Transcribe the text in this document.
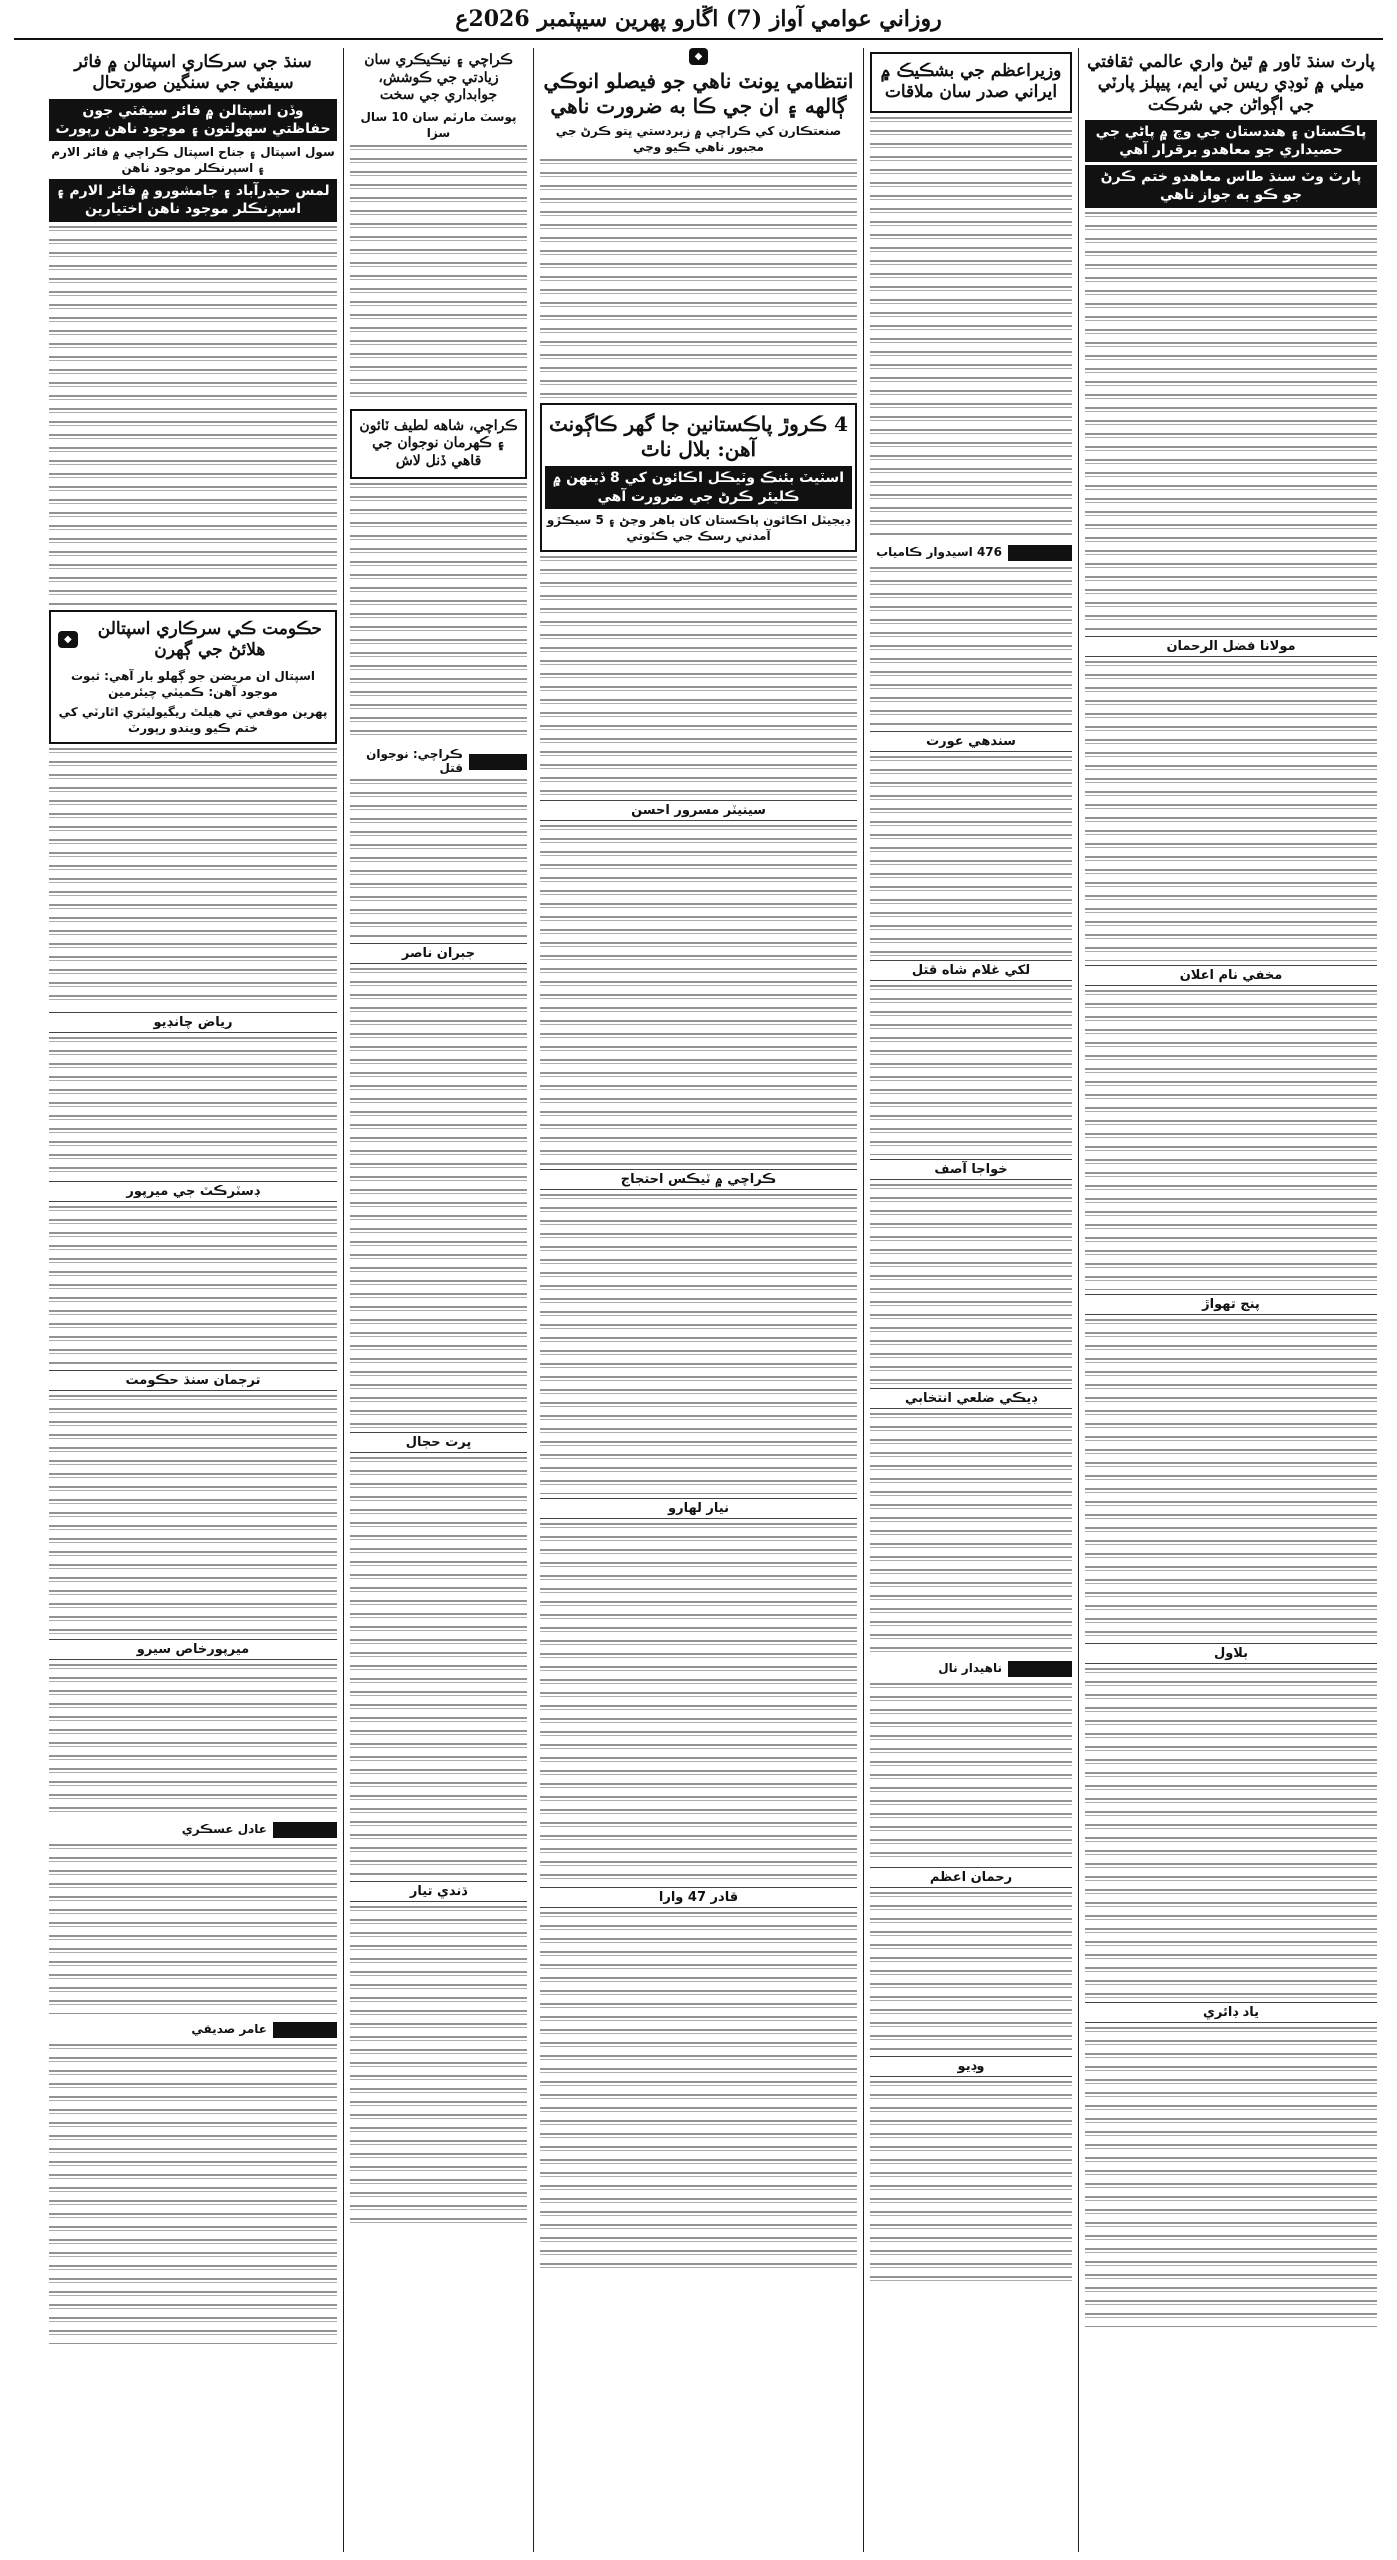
روزاني عوامي آواز (7) اڱارو پهرين سيپٽمبر 2026ع
پارٽ سنڌ ٽاور ۾ ٿيڻ واري عالمي ثقافتي ميلي ۾ ٽوڊي ريس ٽي ايم، پيپلز پارٽي جي اڳواڻن جي شرڪت
پاڪستان ۽ هندستان جي وچ ۾ پاڻي جي حصيداري جو معاهدو برقرار آهي
پارٽ وٽ سنڌ طاس معاهدو ختم ڪرڻ جو ڪو به جواز ناهي
مولانا فضل الرحمان
مخفي نام اعلان
پنج تهواڙ
بلاول
ياد ڊائري
وزيراعظم جي بشڪيڪ ۾ ايراني صدر سان ملاقات
476 اسيدوار ڪامياب
سندهي عورت
لکي غلام شاه قتل
خواجا آصف
ڊيڪي ضلعي انتخابي
ناهيدار نال
رحمان اعظم
وڊيو
◆
انتظامي يونٽ ناهي جو فيصلو انوڪي ڳالهه ۽ ان جي ڪا به ضرورت ناهي
صنعتڪارن کي ڪراچي ۾ زبردستي ڀتو ڪرڻ جي مجبور ناهي ڪيو وڃي
4 ڪروڙ پاڪستانين جا گهر ڪاڳونٽ آهن: بلال ناٿ
اسٽيٽ بئنڪ وٽيڪل اڪائون کي 8 ڏينهن ۾ ڪليئر ڪرڻ جي ضرورت آهي
ڊيجيٽل اڪائون پاڪستان کان ٻاهر وڃڻ ۽ 5 سيڪڙو آمدني رسڪ جي ڪٽوتي
سينيٽر مسرور احسن
ڪراچي ۾ ٽيڪس احتجاج
نيار لهارو
قادر 47 وارا
ڪراچي ۽ نيڪيڪري سان زيادتي جي ڪوشش، جوابداري جي سخت
پوسٽ مارٽم سان 10 سال سزا
ڪراچي، شاهه لطيف ٽائون ۽ ڪهرمان نوجوان جي قاهي ڏنل لاش
ڪراچي: نوجوان قتل
جبران ناصر
ڀرت حجال
ڌندي تيار
سنڌ جي سرڪاري اسپتالن ۾ فائر سيفٽي جي سنگين صورتحال
وڏن اسپتالن ۾ فائر سيفٽي جون حفاظتي سهولتون ۽ موجود ناهن رپورٽ
سول اسپتال ۽ جناح اسپتال ڪراچي ۾ فائر الارم ۽ اسپرنڪلر موجود ناهن
لمس حيدرآباد ۽ جامشورو ۾ فائر الارم ۽ اسپرنڪلر موجود ناهن اختيارين
حڪومت ڪي سرڪاري اسپتالن هلائڻ جي ڳهرن
◆
اسپتال ان مريضن جو ڳهلو بار آهي: ثبوت موجود آهن: ڪميٽي چيئرمين
پهرين موقعي تي هيلٿ ريگيوليٽري اٿارٽي کي ختم ڪيو ويندو رپورٽ
رياض چانڊيو
ڊسٽرڪٽ جي ميرپور
ترجمان سنڌ حڪومت
ميرپورخاص سيرو
عادل عسڪري
عامر صديقي
